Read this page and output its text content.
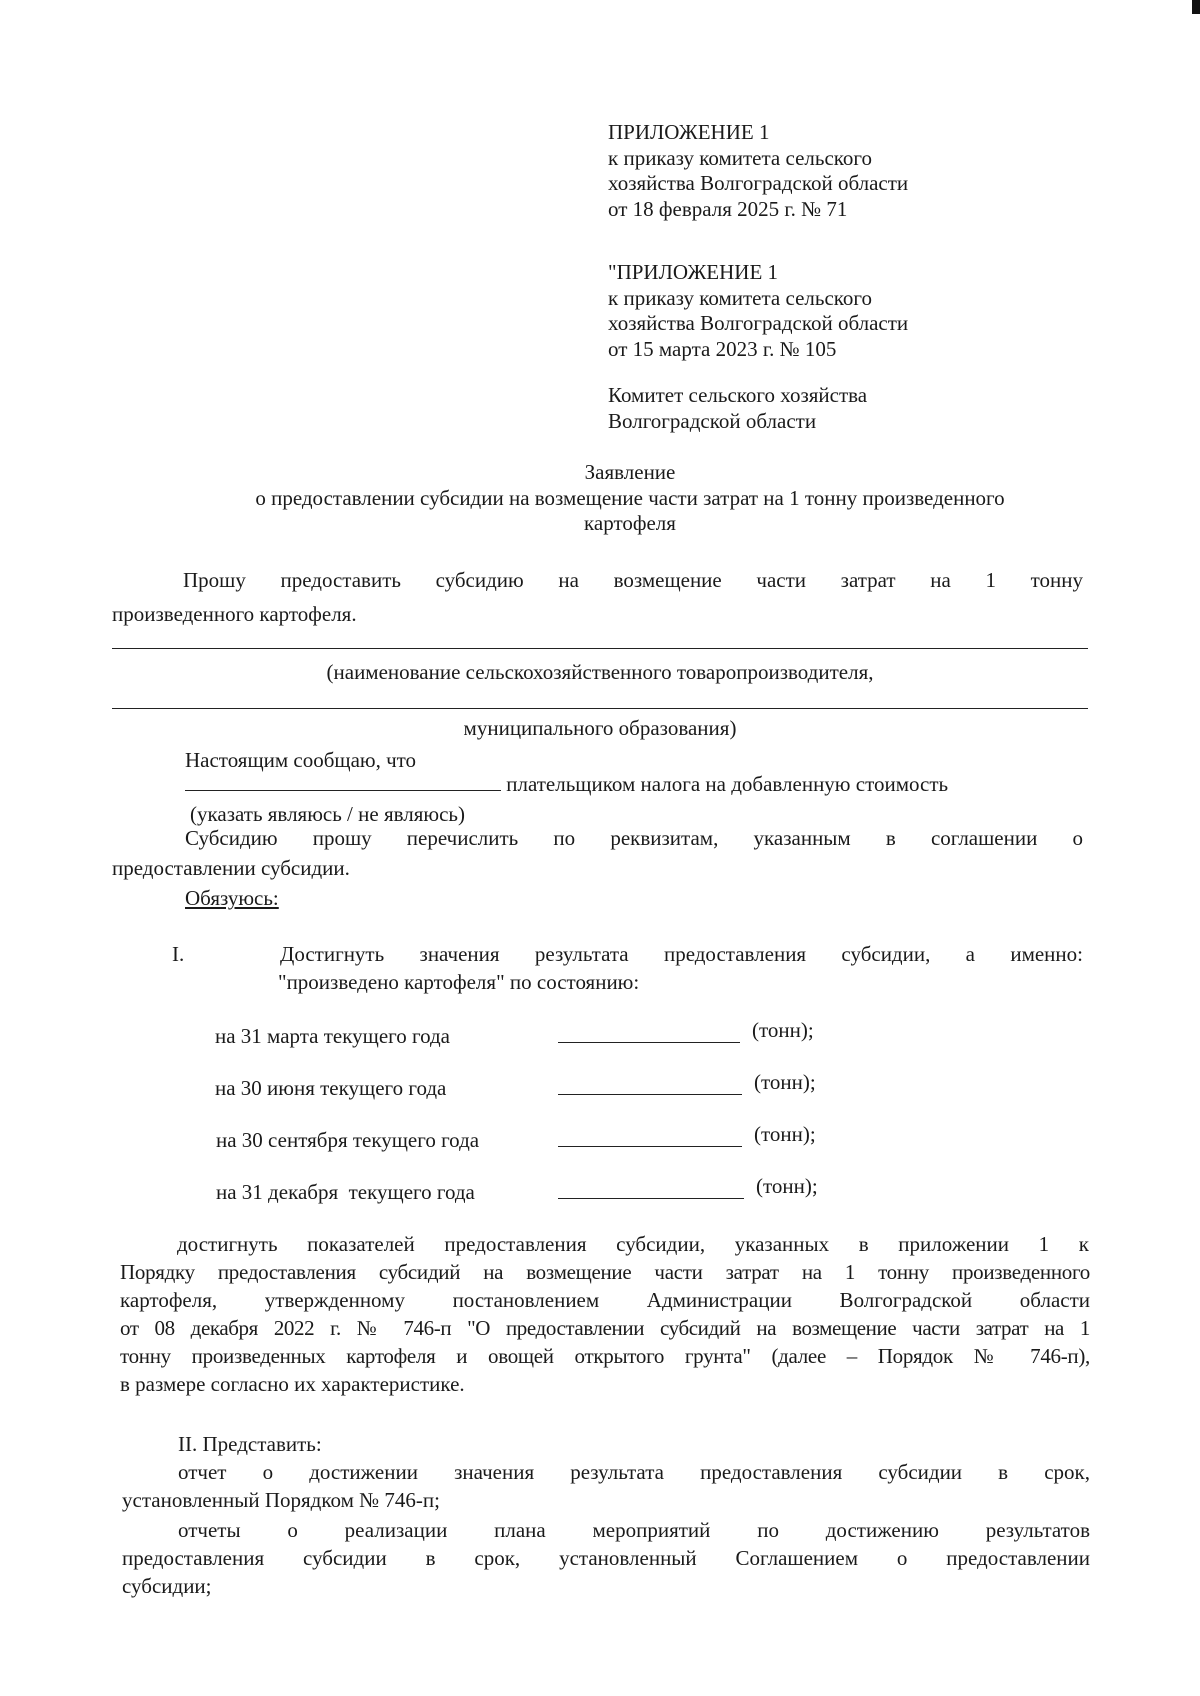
ПРИЛОЖЕНИЕ 1
к приказу комитета сельского
хозяйства Волгоградской области
от 18 февраля 2025 г. № 71
"ПРИЛОЖЕНИЕ 1
к приказу комитета сельского
хозяйства Волгоградской области
от 15 марта 2023 г. № 105
Комитет сельского хозяйства
Волгоградской области
Заявление
о предоставлении субсидии на возмещение части затрат на 1 тонну произведенного
картофеля
Прошу предоставить субсидию на возмещение части затрат на 1 тонну
произведенного картофеля.
(наименование сельскохозяйственного товаропроизводителя,
муниципального образования)
Настоящим сообщаю, что
плательщиком налога на добавленную стоимость
(указать являюсь / не являюсь)
Субсидию прошу перечислить по реквизитам, указанным в соглашении о
предоставлении субсидии.
Обязуюсь:
I.	Достигнуть значения результата предоставления субсидии, а именно:
"произведено картофеля" по состоянию:
на 31 марта текущего года	(тонн);
на 30 июня текущего года	(тонн);
на 30 сентября текущего года	(тонн);
на 31 декабря  текущего года	(тонн);
достигнуть показателей предоставления субсидии, указанных в приложении 1 к
Порядку предоставления субсидий на возмещение части затрат на 1 тонну произведенного
картофеля, утвержденному постановлением Администрации Волгоградской области
от 08 декабря 2022 г. № 746-п "О предоставлении субсидий на возмещение части затрат на 1
тонну произведенных картофеля и овощей открытого грунта" (далее – Порядок № 746-п),
в размере согласно их характеристике.
II. Представить:
отчет о достижении значения результата предоставления субсидии в срок,
установленный Порядком № 746-п;
отчеты о реализации плана мероприятий по достижению результатов
предоставления субсидии в срок, установленный Соглашением о предоставлении
субсидии;
